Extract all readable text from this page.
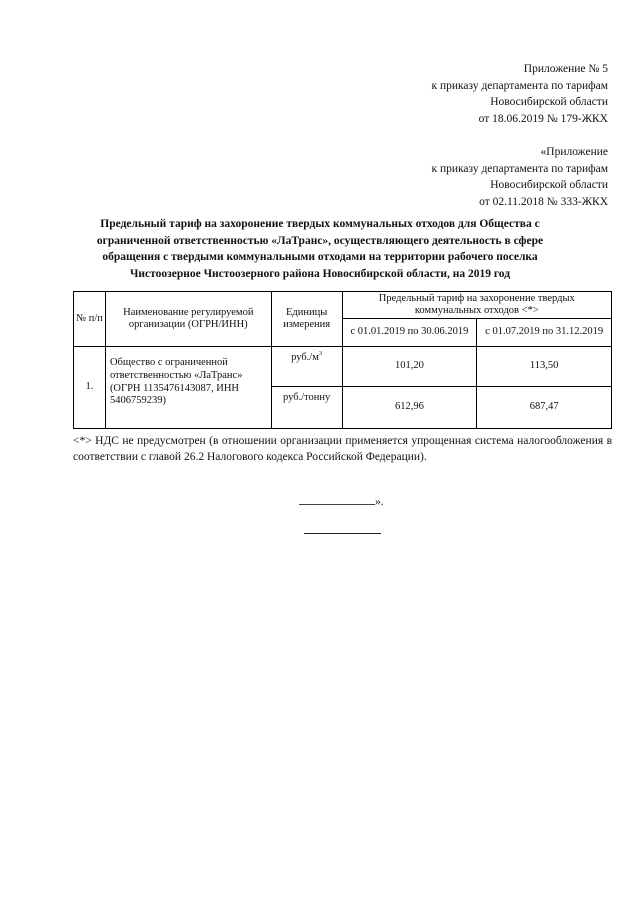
Приложение № 5
к приказу департамента по тарифам
Новосибирской области
от 18.06.2019 № 179-ЖКХ
«Приложение
к приказу департамента по тарифам
Новосибирской области
от 02.11.2018 № 333-ЖКХ
Предельный тариф на захоронение твердых коммунальных отходов для Общества с ограниченной ответственностью «ЛаТранс», осуществляющего деятельность в сфере обращения с твердыми коммунальными отходами на территории рабочего поселка Чистоозерное Чистоозерного района Новосибирской области, на 2019 год
№ п/п	Наименование регулируемой организации (ОГРН/ИНН)	Единицы измерения	Предельный тариф на захоронение твердых коммунальных отходов <*>	
			с 01.01.2019 по 30.06.2019	с 01.07.2019 по 31.12.2019
1.	Общество с ограниченной ответственностью «ЛаТранс» (ОГРН 1135476143087, ИНН 5406759239)	$руб./м^3$	101,20	113,50
		руб./тонну	612,96	687,47
<*> НДС не предусмотрен (в отношении организации применяется упрощенная система налогообложения в соответствии с главой 26.2 Налогового кодекса Российской Федерации).
».
